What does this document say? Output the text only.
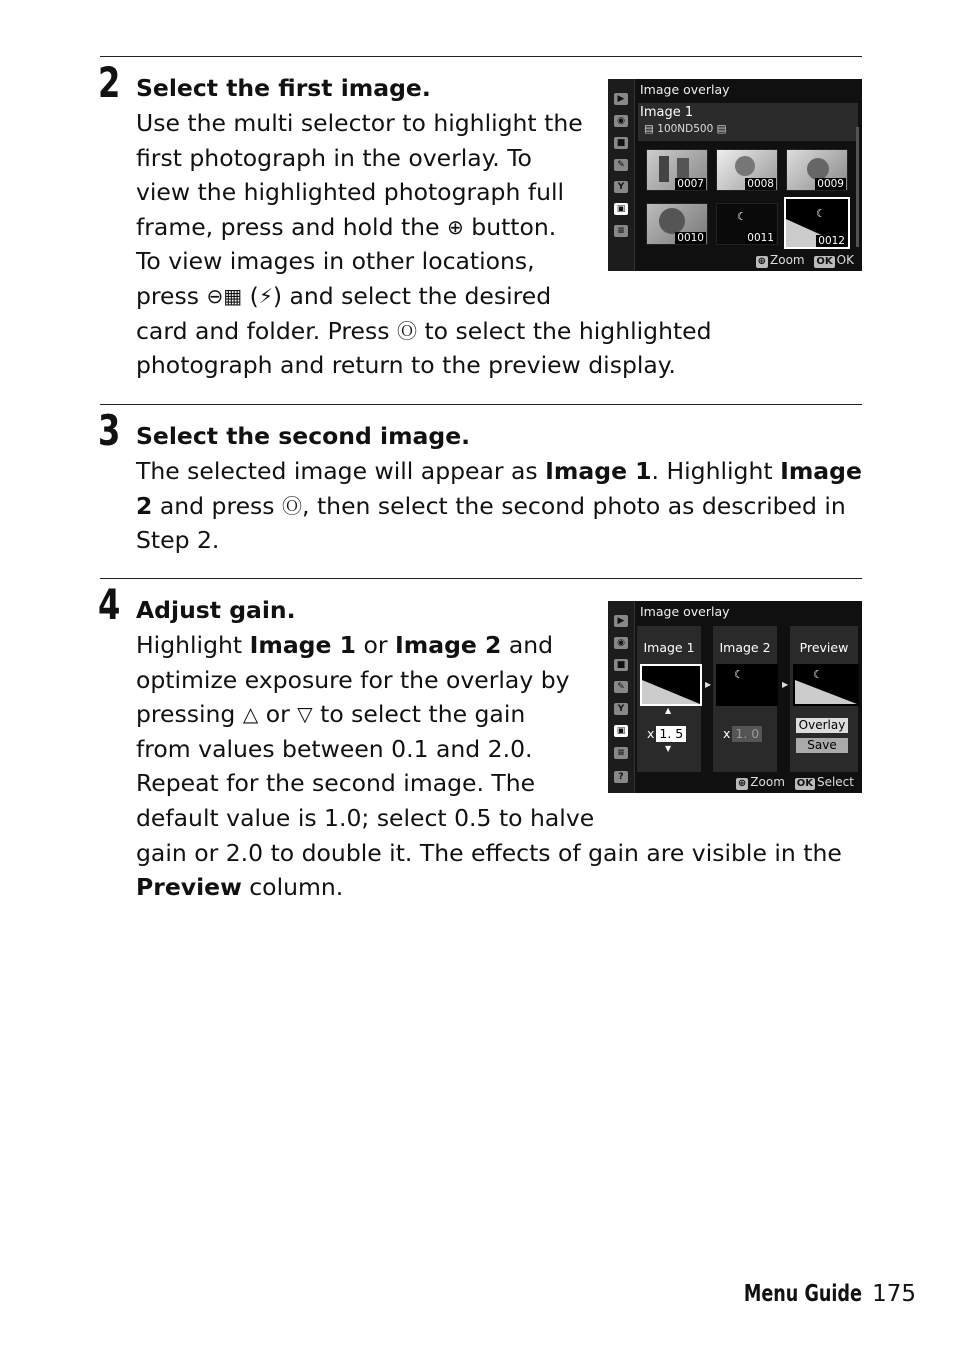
2 Select the first image.
Use the multi selector to highlight the
first photograph in the overlay. To
view the highlighted photograph full
frame, press and hold the ⊕ button.
To view images in other locations,
press ⊖▦ (⚡) and select the desired
card and folder. Press Ⓞ to select the highlighted
photograph and return to the preview display.
▶
◉
■
✎
Y
▣
≡
Image overlay
Image 1
▤ 100ND500 ▤
0007	0008	0009
0010
☾
0011
☾
0012
⊕ Zoom OK OK
3 Select the second image.
The selected image will appear as Image 1. Highlight Image
2 and press Ⓞ, then select the second photo as described in
Step 2.
4 Adjust gain.
Highlight Image 1 or Image 2 and
optimize exposure for the overlay by
pressing △ or ▽ to select the gain
from values between 0.1 and 2.0.
Repeat for the second image. The
default value is 1.0; select 0.5 to halve
gain or 2.0 to double it. The effects of gain are visible in the
Preview column.
▶
◉
■
✎
Y
▣
≡
?
Image overlay
Image 1
▲
x 1. 5
▼
▶
Image 2
☾
x 1. 0
▶
Preview
☾
Overlay
Save
⊕ Zoom OK Select
Menu Guide 175
